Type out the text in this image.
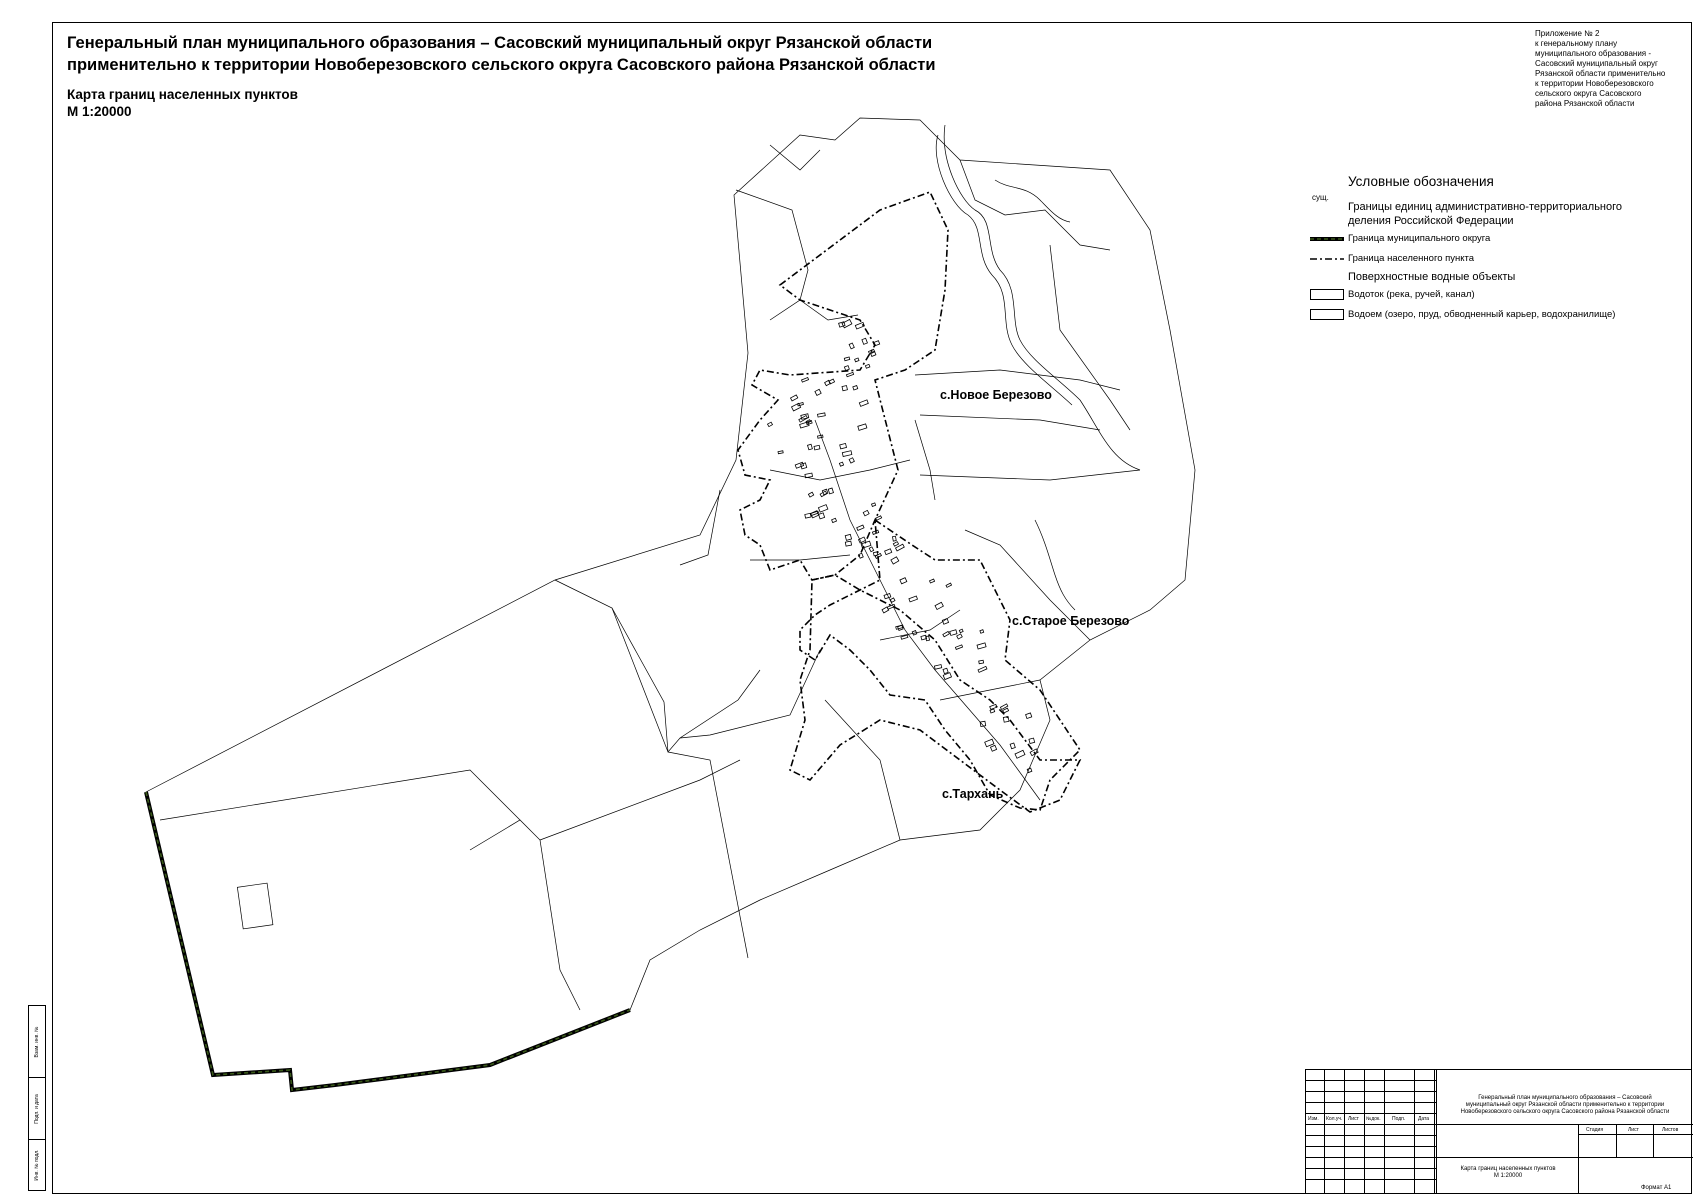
Генеральный план муниципального образования – Сасовский муниципальный округ Рязанской области
применительно к территории Новоберезовского сельского округа Сасовского района Рязанской области
Карта границ населенных пунктов
М 1:20000
Приложение № 2
к генеральному плану
муниципального образования -
Сасовский муниципальный округ
Рязанской области применительно
к территории Новоберезовского
сельского округа Сасовского
района Рязанской области
с.Новое Березово
с.Старое Березово
с.Тархань
Условные обозначения
сущ.
Границы единиц административно-территориального
деления Российской Федерации
Граница муниципального округа
Граница населенного пункта
Поверхностные водные объекты
Водоток (река, ручей, канал)
Водоем (озеро, пруд, обводненный карьер, водохранилище)
Взам. инв. №
Подп. и дата
Инв. № подл.
Изм. Кол.уч. Лист №док. Подп.	Дата
Генеральный план муниципального образования – Сасовский
муниципальный округ Рязанской области применительно к территории
Новоберезовского сельского округа Сасовского района Рязанской области
Стадия	Лист	Листов
Карта границ населенных пунктов
М 1:20000
Формат А1
